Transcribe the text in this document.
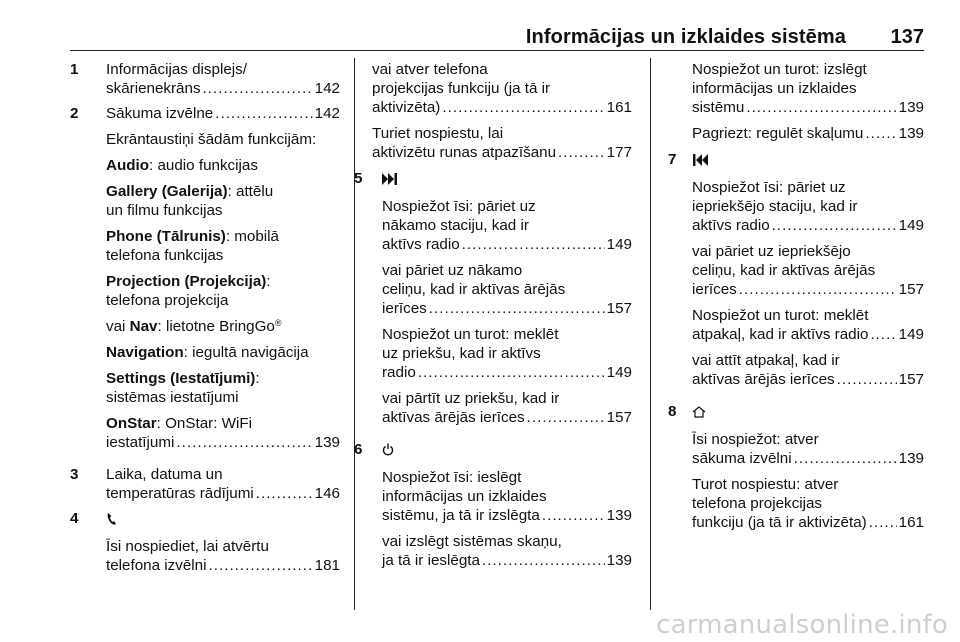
Informācijas un izklaides sistēma 137
1	Informācijas displejs/
skārienekrāns . . .	142
2	Sākuma izvēlne . . .	142
Ekrāntaustiņi šādām funkcijām:
Audio: audio funkcijas
Gallery (Galerija): attēlu
un filmu funkcijas
Phone (Tālrunis): mobilā
telefona funkcijas
Projection (Projekcija):
telefona projekcija
vai Nav: lietotne BringGo®
Navigation: iegultā navigācija
Settings (Iestatījumi):
sistēmas iestatījumi
OnStar: OnStar: WiFi
iestatījumi . . .	139
3	Laika, datuma un
temperatūras rādījumi . . .	146
4
Īsi nospiediet, lai atvērtu
telefona izvēlni . . .	181
vai atver telefona
projekcijas funkciju (ja tā ir
aktivizēta) . . .	161
Turiet nospiestu, lai
aktivizētu runas atpazīšanu . . .	177
5
Nospiežot īsi: pāriet uz
nākamo staciju, kad ir
aktīvs radio . . .	149
vai pāriet uz nākamo
celiņu, kad ir aktīvas ārējās
ierīces . . .	157
Nospiežot un turot: meklēt
uz priekšu, kad ir aktīvs
radio . . .	149
vai pārtīt uz priekšu, kad ir
aktīvas ārējās ierīces . . .	157
6
Nospiežot īsi: ieslēgt
informācijas un izklaides
sistēmu, ja tā ir izslēgta . . .	139
vai izslēgt sistēmas skaņu,
ja tā ir ieslēgta . . .	139
Nospiežot un turot: izslēgt
informācijas un izklaides
sistēmu . . .	139
Pagriezt: regulēt skaļumu . . . 139
7
Nospiežot īsi: pāriet uz
iepriekšējo staciju, kad ir
aktīvs radio . . .	149
vai pāriet uz iepriekšējo
celiņu, kad ir aktīvas ārējās
ierīces . . .	157
Nospiežot un turot: meklēt
atpakaļ, kad ir aktīvs radio . . . 149
vai attīt atpakaļ, kad ir
aktīvas ārējās ierīces . . .	157
8
Īsi nospiežot: atver
sākuma izvēlni . . .	139
Turot nospiestu: atver
telefona projekcijas
funkciju (ja tā ir aktivizēta) . . . 161
carmanualsonline.info
